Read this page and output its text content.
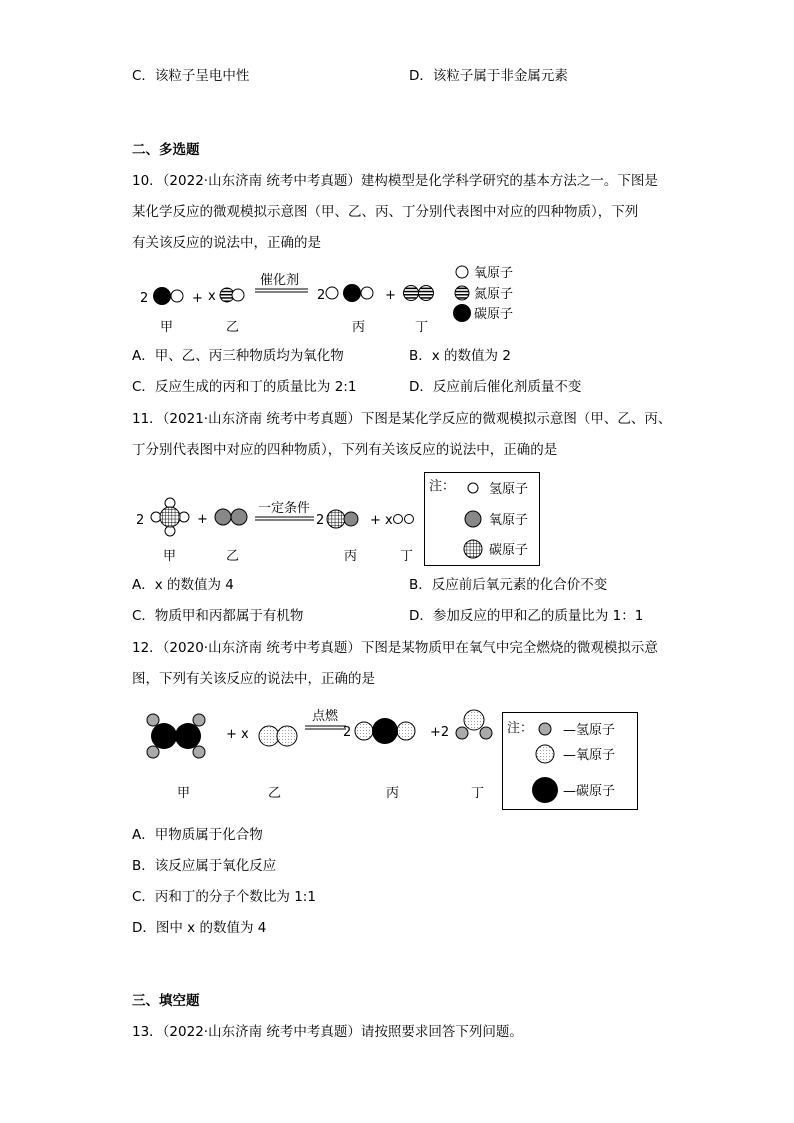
C．该粒子呈电中性	D．该粒子属于非金属元素
二、多选题
10．（2022·山东济南 统考中考真题）建构模型是化学科学研究的基本方法之一。下图是
某化学反应的微观模拟示意图（甲、乙、丙、丁分别代表图中对应的四种物质），下列
有关该反应的说法中，正确的是
2	+ x
催化剂
2	+
甲	乙	丙	丁
氧原子
氮原子
碳原子
A．甲、乙、丙三种物质均为氧化物	B．x 的数值为 2
C．反应生成的丙和丁的质量比为 2:1	D．反应前后催化剂质量不变
11．（2021·山东济南 统考中考真题）下图是某化学反应的微观模拟示意图（甲、乙、丙、
丁分别代表图中对应的四种物质），下列有关该反应的说法中，正确的是
2	+
一定条件
2	+ x
甲	乙	丙	丁
注：	氢原子
氧原子
碳原子
A．x 的数值为 4	B．反应前后氧元素的化合价不变
C．物质甲和丙都属于有机物	D．参加反应的甲和乙的质量比为 1：1
12．（2020·山东济南 统考中考真题）下图是某物质甲在氧气中完全燃烧的微观模拟示意
图，下列有关该反应的说法中，正确的是
+ x
点燃
2	+2
甲	乙	丙	丁
注： —氢原子
—氧原子
—碳原子
A．甲物质属于化合物
B．该反应属于氧化反应
C．丙和丁的分子个数比为 1:1
D．图中 x 的数值为 4
三、填空题
13．（2022·山东济南 统考中考真题）请按照要求回答下列问题。
